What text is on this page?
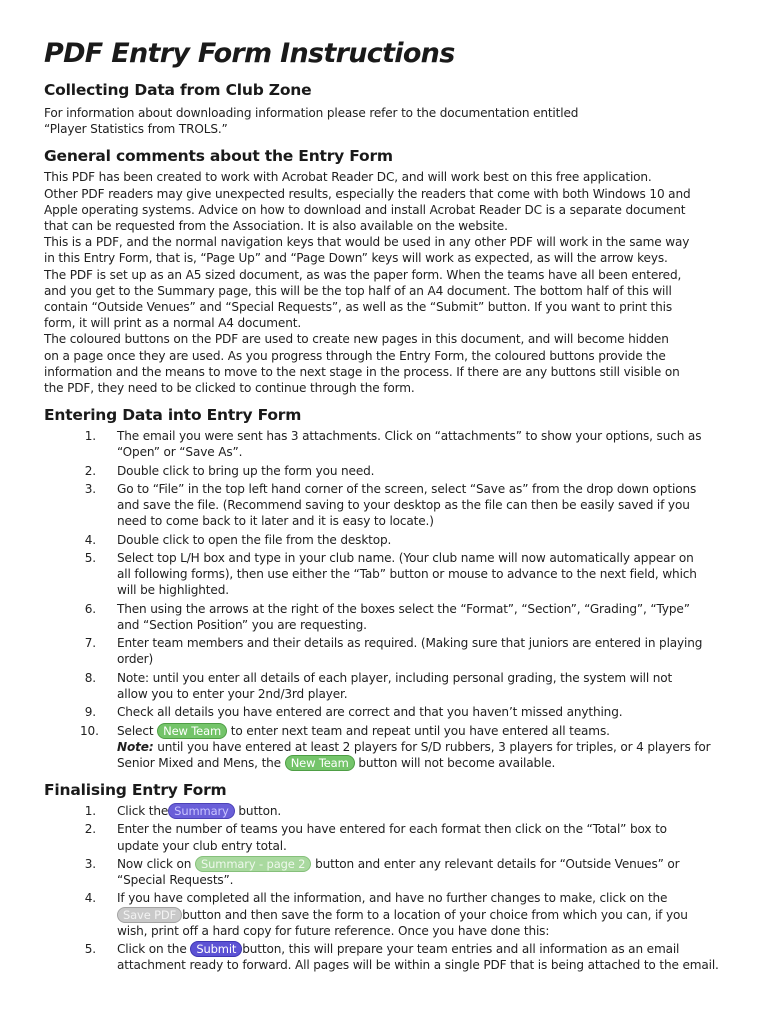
PDF Entry Form Instructions
Collecting Data from Club Zone

For information about downloading information please refer to the documentation entitled

“Player Statistics from TROLS.”

General comments about the Entry Form

This PDF has been created to work with Acrobat Reader DC, and will work best on this free application.

Other PDF readers may give unexpected results, especially the readers that come with both Windows 10 and

Apple operating systems. Advice on how to download and install Acrobat Reader DC is a separate document

that can be requested from the Association. It is also available on the website.

This is a PDF, and the normal navigation keys that would be used in any other PDF will work in the same way

in this Entry Form, that is, “Page Up” and “Page Down” keys will work as expected, as will the arrow keys.

The PDF is set up as an A5 sized document, as was the paper form. When the teams have all been entered,

and you get to the Summary page, this will be the top half of an A4 document. The bottom half of this will

contain “Outside Venues” and “Special Requests”, as well as the “Submit” button. If you want to print this

form, it will print as a normal A4 document.

The coloured buttons on the PDF are used to create new pages in this document, and will become hidden

on a page once they are used. As you progress through the Entry Form, the coloured buttons provide the

information and the means to move to the next stage in the process. If there are any buttons still visible on

the PDF, they need to be clicked to continue through the form.

Entering Data into Entry Form
1. The email you were sent has 3 attachments. Click on “attachments” to show your options, such as
“Open” or “Save As”.
2. Double click to bring up the form you need.
3. Go to “File” in the top left hand corner of the screen, select “Save as” from the drop down options
and save the file. (Recommend saving to your desktop as the file can then be easily saved if you
need to come back to it later and it is easy to locate.)
4. Double click to open the file from the desktop.
5. Select top L/H box and type in your club name. (Your club name will now automatically appear on
all following forms), then use either the “Tab” button or mouse to advance to the next field, which
will be highlighted.
6. Then using the arrows at the right of the boxes select the “Format”, “Section”, “Grading”, “Type”
and “Section Position” you are requesting.
7. Enter team members and their details as required. (Making sure that juniors are entered in playing
order)
8. Note: until you enter all details of each player, including personal grading, the system will not
allow you to enter your 2nd/3rd player.
9. Check all details you have entered are correct and that you haven’t missed anything.
10. Select New Team to enter next team and repeat until you have entered all teams.
Note: until you have entered at least 2 players for S/D rubbers, 3 players for triples, or 4 players for
Senior Mixed and Mens, the New Team button will not become available.
Finalising Entry Form
1. Click the Summary button.
2. Enter the number of teams you have entered for each format then click on the “Total” box to
update your club entry total.
3. Now click on Summary - page 2 button and enter any relevant details for “Outside Venues” or
“Special Requests”.
4. If you have completed all the information, and have no further changes to make, click on the
Save PDF button and then save the form to a location of your choice from which you can, if you
wish, print off a hard copy for future reference. Once you have done this:
5. Click on the Submit button, this will prepare your team entries and all information as an email
attachment ready to forward. All pages will be within a single PDF that is being attached to the email.
